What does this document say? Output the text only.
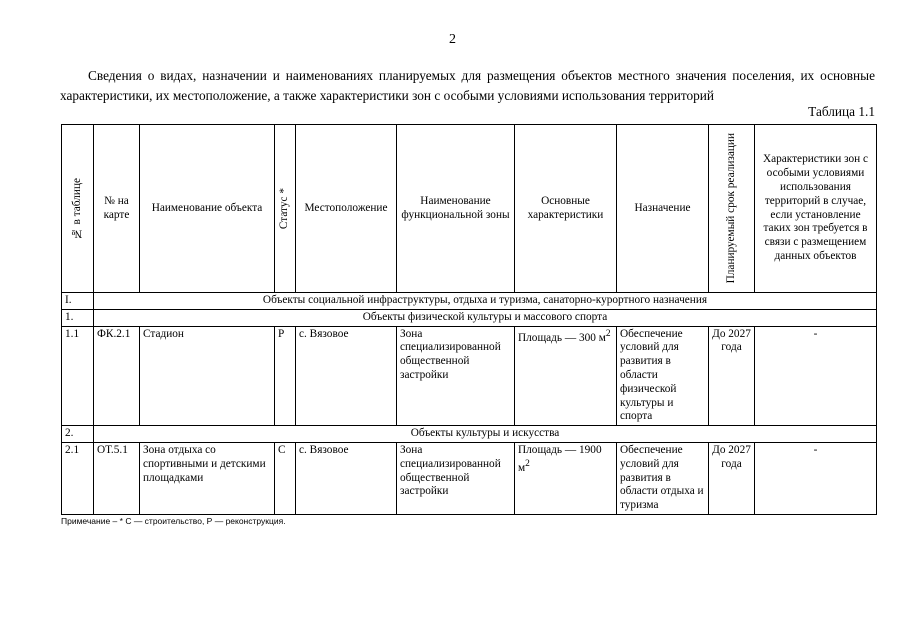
2
Сведения о видах, назначении и наименованиях планируемых для размещения объектов местного значения поселения, их основные характеристики, их местоположение, а также характеристики зон с особыми условиями использования территорий
Таблица 1.1
№ в таблице	№ на карте	Наименование объекта	Статус *	Местоположение	Наименование функциональной зоны	Основные характеристики	Назначение	Планируемый срок реализации	Характеристики зон с особыми условиями использования территорий в случае, если установление таких зон требуется в связи с размещением данных объектов
I.	Объекты социальной инфраструктуры, отдыха и туризма, санаторно-курортного назначения								
1.	Объекты физической культуры и массового спорта								
1.1	ФК.2.1	Стадион	Р	с. Вязовое	Зона специализированной общественной застройки	Площадь — 300 $м^2$	Обеспечение условий для развития в области физической культуры и спорта	До 2027 года	-
2.	Объекты культуры и искусства								
2.1	ОТ.5.1	Зона отдыха со спортивными и детскими площадками	С	с. Вязовое	Зона специализированной общественной застройки	Площадь — 1900 $м^2$	Обеспечение условий для развития в области отдыха и туризма	До 2027 года	-
Примечание – * С — строительство, Р — реконструкция.
